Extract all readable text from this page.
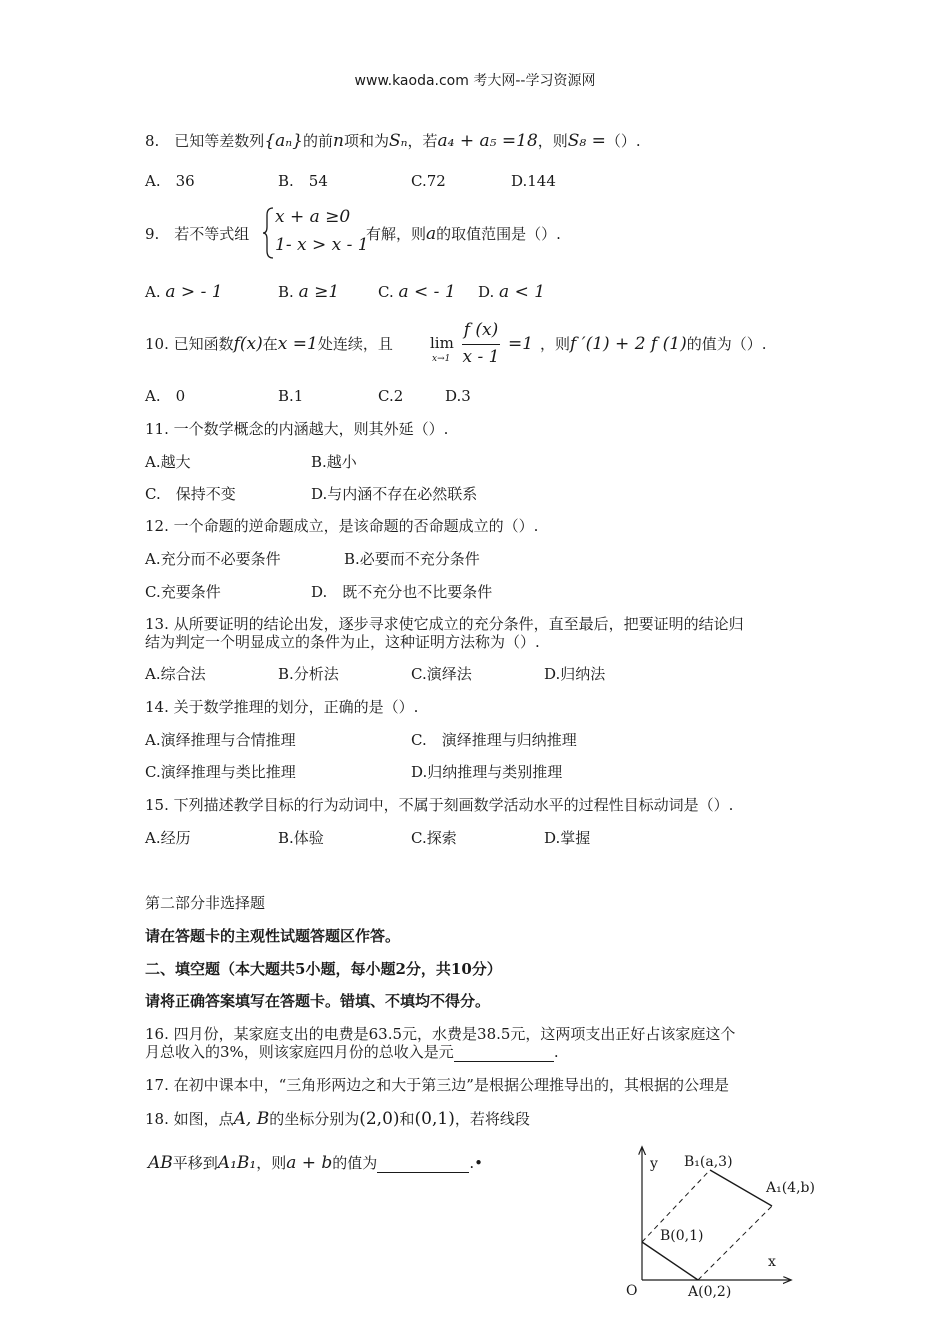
www.kaoda.com 考大网--学习资源网
8.　已知等差数列{aₙ}的前n项和为Sₙ，若a₄ + a₅ =18，则S₈ =（）.
A.　36	B.　54	C.72	D.144
9.　若不等式组
x + a ≥0
1- x > x - 1
有解，则a的取值范围是（）.
A. a > - 1	B. a ≥1	C. a < - 1 D. a < 1
10. 已知函数f(x)在x =1处连续，且 lim
x→1
f (x)
x - 1
=1 ，则f ′(1) + 2 f (1)的值为（）.
A.　0	B.1	C.2	D.3
11. 一个数学概念的内涵越大，则其外延（）.
A.越大	B.越小
C.　保持不变	D.与内涵不存在必然联系
12. 一个命题的逆命题成立，是该命题的否命题成立的（）.
A.充分而不必要条件	B.必要而不充分条件
C.充要条件	D.　既不充分也不比要条件
13. 从所要证明的结论出发，逐步寻求使它成立的充分条件，直至最后，把要证明的结论归
结为判定一个明显成立的条件为止，这种证明方法称为（）.
A.综合法	B.分析法	C.演绎法	D.归纳法
14. 关于数学推理的划分，正确的是（）.
A.演绎推理与合情推理	C.　演绎推理与归纳推理
C.演绎推理与类比推理	D.归纳推理与类别推理
15. 下列描述教学目标的行为动词中，不属于刻画数学活动水平的过程性目标动词是（）.
A.经历	B.体验	C.探索	D.掌握
第二部分非选择题
请在答题卡的主观性试题答题区作答。
二、填空题（本大题共5小题，每小题2分，共10分）
请将正确答案填写在答题卡。错填、不填均不得分。
16. 四月份，某家庭支出的电费是63.5元，水费是38.5元，这两项支出正好占该家庭这个
月总收入的3%，则该家庭四月份的总收入是元	.
17. 在初中课本中，“三角形两边之和大于第三边”是根据公理推导出的，其根据的公理是
18. 如图，点A, B的坐标分别为(2,0)和(0,1)，若将线段
AB平移到A₁B₁，则a + b的值为	.•	y
x
O
B₁(a,3)
A₁(4,b)
B(0,1)
A(0,2)
